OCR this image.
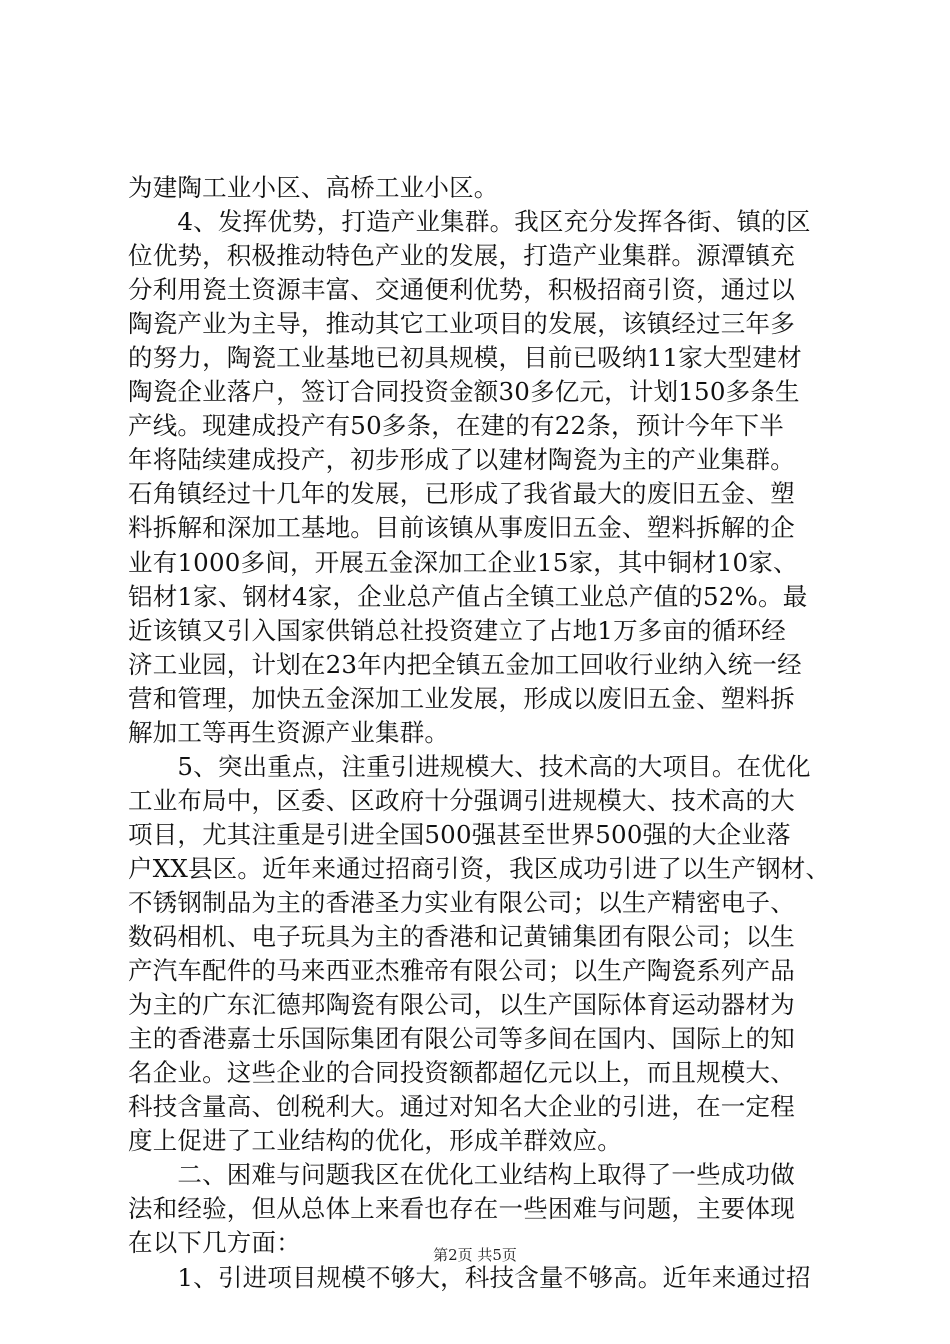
为建陶工业小区、高桥工业小区。
　　4、发挥优势，打造产业集群。我区充分发挥各街、镇的区
位优势，积极推动特色产业的发展，打造产业集群。源潭镇充
分利用瓷土资源丰富、交通便利优势，积极招商引资，通过以
陶瓷产业为主导，推动其它工业项目的发展，该镇经过三年多
的努力，陶瓷工业基地已初具规模，目前已吸纳11家大型建材
陶瓷企业落户，签订合同投资金额30多亿元，计划150多条生
产线。现建成投产有50多条，在建的有22条，预计今年下半
年将陆续建成投产，初步形成了以建材陶瓷为主的产业集群。
石角镇经过十几年的发展，已形成了我省最大的废旧五金、塑
料拆解和深加工基地。目前该镇从事废旧五金、塑料拆解的企
业有1000多间，开展五金深加工企业15家，其中铜材10家、
铝材1家、钢材4家，企业总产值占全镇工业总产值的52%。最
近该镇又引入国家供销总社投资建立了占地1万多亩的循环经
济工业园，计划在23年内把全镇五金加工回收行业纳入统一经
营和管理，加快五金深加工业发展，形成以废旧五金、塑料拆
解加工等再生资源产业集群。
　　5、突出重点，注重引进规模大、技术高的大项目。在优化
工业布局中，区委、区政府十分强调引进规模大、技术高的大
项目，尤其注重是引进全国500强甚至世界500强的大企业落
户XX县区。近年来通过招商引资，我区成功引进了以生产钢材、
不锈钢制品为主的香港圣力实业有限公司；以生产精密电子、
数码相机、电子玩具为主的香港和记黄铺集团有限公司；以生
产汽车配件的马来西亚杰雅帝有限公司；以生产陶瓷系列产品
为主的广东汇德邦陶瓷有限公司，以生产国际体育运动器材为
主的香港嘉士乐国际集团有限公司等多间在国内、国际上的知
名企业。这些企业的合同投资额都超亿元以上，而且规模大、
科技含量高、创税利大。通过对知名大企业的引进，在一定程
度上促进了工业结构的优化，形成羊群效应。
　　二、困难与问题我区在优化工业结构上取得了一些成功做
法和经验，但从总体上来看也存在一些困难与问题，主要体现
在以下几方面：
　　1、引进项目规模不够大，科技含量不够高。近年来通过招
第2页 共5页
